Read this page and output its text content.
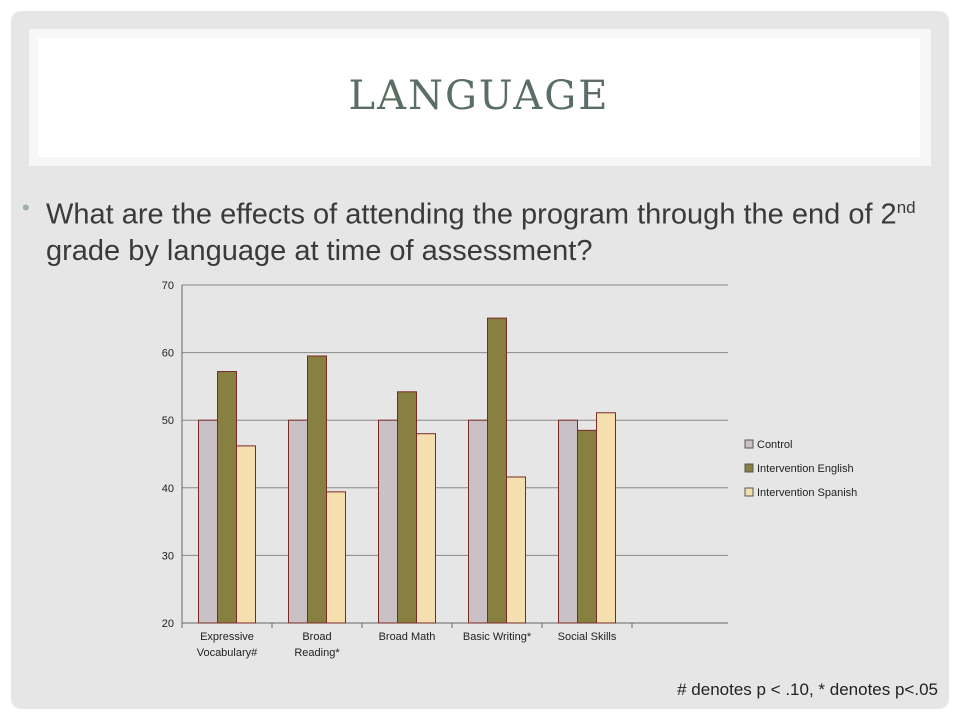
LANGUAGE
• What are the effects of attending the program through the end of 2nd grade by language at time of assessment?
20
30
40
50
60
70
Expressive
Vocabulary#
Broad
Reading*
Broad Math Basic Writing* Social Skills
Control
Intervention English
Intervention Spanish
# denotes p < .10, * denotes p<.05
